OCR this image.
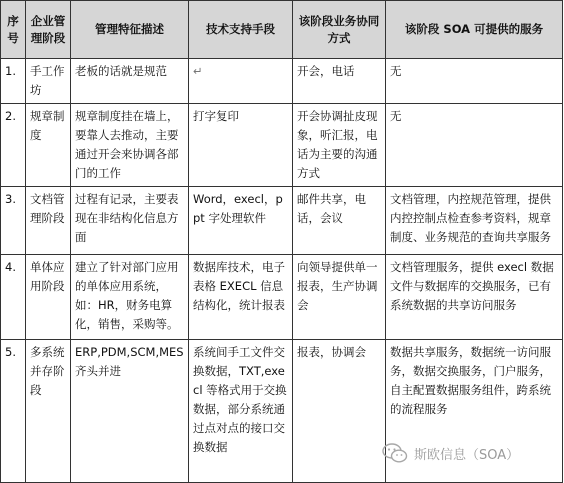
序号	企业管理阶段	管理特征描述	技术支持手段	该阶段业务协同方式	该阶段 SOA 可提供的服务
1.	手工作坊	老板的话就是规范	↵	开会，电话	无
2.	规章制度	规章制度挂在墙上，要靠人去推动，主要通过开会来协调各部门的工作	打字复印	开会协调扯皮现象，听汇报，电话为主要的沟通方式	无
3.	文档管理阶段	过程有记录，主要表现在非结构化信息方面	Word，execl，ppt 字处理软件	邮件共享，电话，会议	文档管理，内控规范管理，提供内控控制点检查参考资料，规章制度、业务规范的查询共享服务
4.	单体应用阶段	建立了针对部门应用的单体应用系统，如：HR，财务电算化，销售，采购等。	数据库技术，电子表格 EXECL 信息结构化，统计报表	向领导提供单一报表，生产协调会	文档管理服务，提供 execl 数据文件与数据库的交换服务，已有系统数据的共享访问服务
5.	多系统并存阶段	ERP,PDM,SCM,MES 齐头并进	系统间手工文件交换数据，TXT,execl 等格式用于交换数据，部分系统通过点对点的接口交换数据	报表，协调会	数据共享服务，数据统一访问服务，数据交换服务，门户服务，自主配置数据服务组件，跨系统的流程服务
斯欧信息（SOA）
